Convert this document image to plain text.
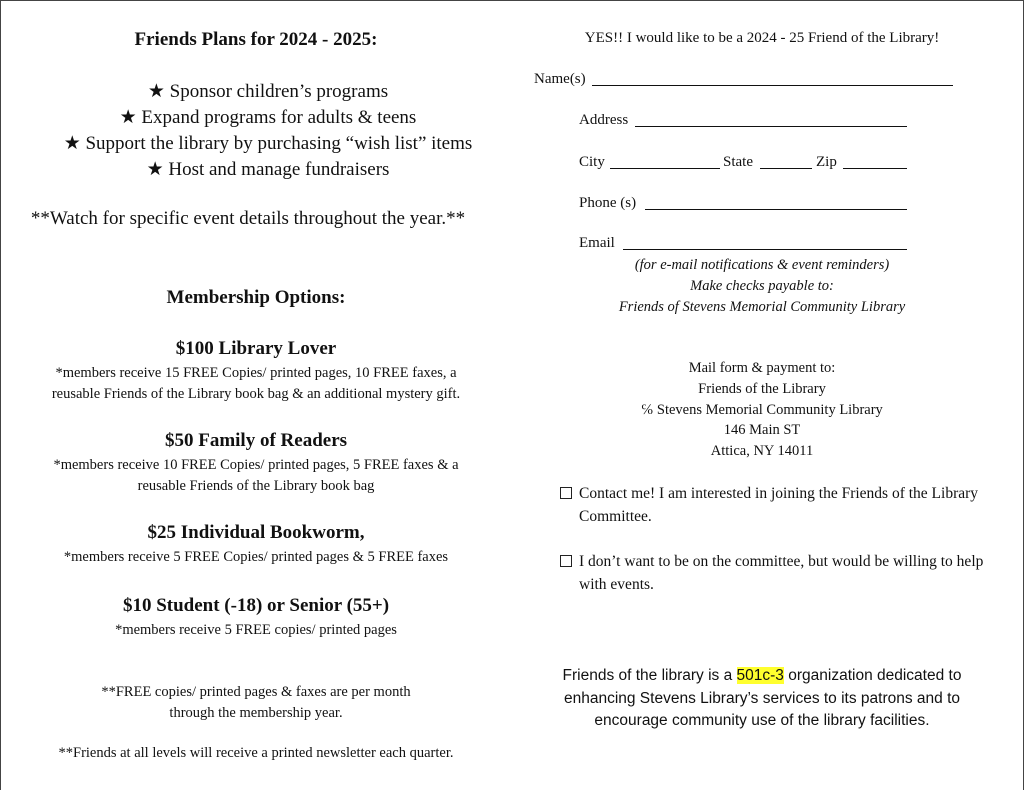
Friends Plans for 2024 - 2025:
★ Sponsor children’s programs
★ Expand programs for adults & teens
★ Support the library by purchasing “wish list” items
★ Host and manage fundraisers
**Watch for specific event details throughout the year.**
Membership Options:
$100 Library Lover
*members receive 15 FREE Copies/ printed pages, 10 FREE faxes, a
reusable Friends of the Library book bag & an additional mystery gift.
$50 Family of Readers
*members receive 10 FREE Copies/ printed pages, 5 FREE faxes & a
reusable Friends of the Library book bag
$25 Individual Bookworm,
*members receive 5 FREE Copies/ printed pages & 5 FREE faxes
$10 Student (-18) or Senior (55+)
*members receive 5 FREE copies/ printed pages
**FREE copies/ printed pages & faxes are per month
through the membership year.
**Friends at all levels will receive a printed newsletter each quarter.
YES!! I would like to be a 2024 - 25 Friend of the Library!
Name(s)
Address
City	State	Zip
Phone (s)
Email
(for e-mail notifications & event reminders)
Make checks payable to:
Friends of Stevens Memorial Community Library
Mail form & payment to:
Friends of the Library
℅ Stevens Memorial Community Library
146 Main ST
Attica, NY 14011
Contact me! I am interested in joining the Friends of the Library Committee.
I don’t want to be on the committee, but would be willing to help with events.
Friends of the library is a 501c-3 organization dedicated to
enhancing Stevens Library’s services to its patrons and to
encourage community use of the library facilities.
